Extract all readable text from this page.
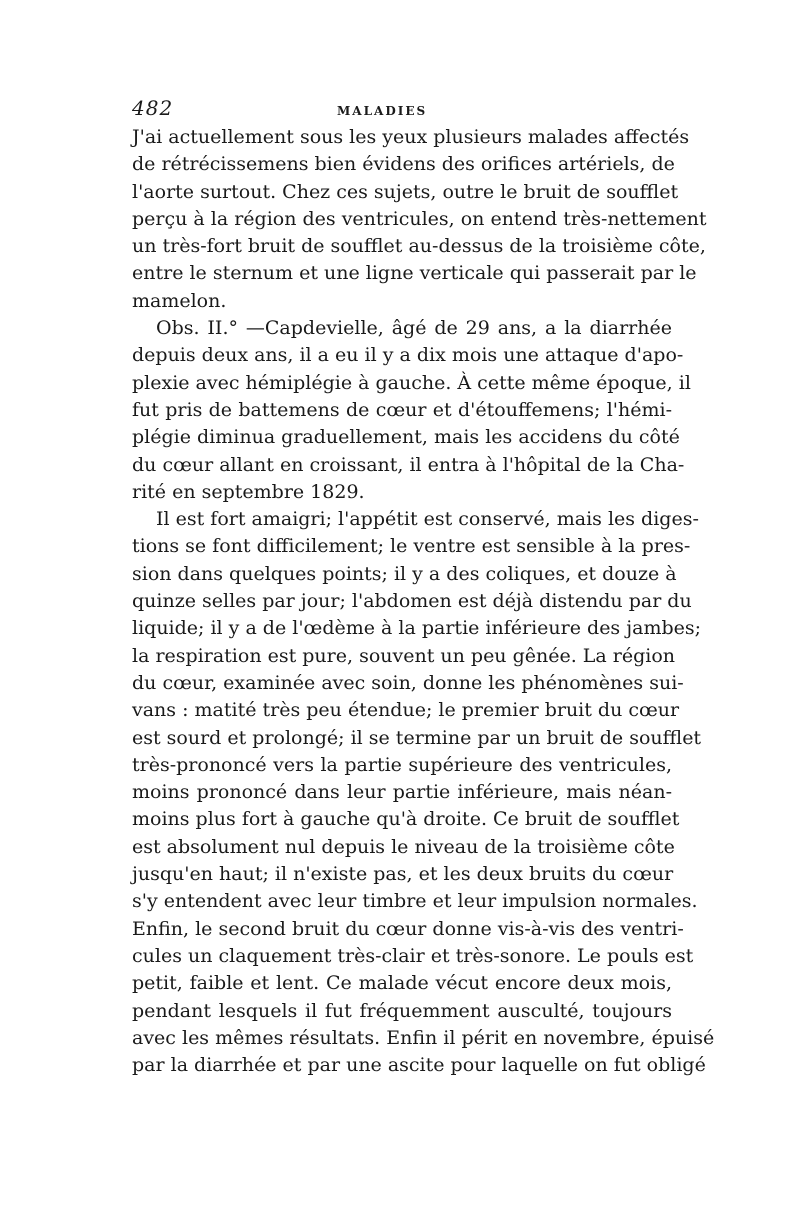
482	MALADIES
J'ai actuellement sous les yeux plusieurs malades affectés
de rétrécissemens bien évidens des orifices artériels, de
l'aorte surtout. Chez ces sujets, outre le bruit de soufflet
perçu à la région des ventricules, on entend très-nettement
un très-fort bruit de soufflet au-dessus de la troisième côte,
entre le sternum et une ligne verticale qui passerait par le
mamelon.
Obs. II.° —Capdevielle, âgé de 29 ans, a la diarrhée
depuis deux ans, il a eu il y a dix mois une attaque d'apo-
plexie avec hémiplégie à gauche. À cette même époque, il
fut pris de battemens de cœur et d'étouffemens; l'hémi-
plégie diminua graduellement, mais les accidens du côté
du cœur allant en croissant, il entra à l'hôpital de la Cha-
rité en septembre 1829.
Il est fort amaigri; l'appétit est conservé, mais les diges-
tions se font difficilement; le ventre est sensible à la pres-
sion dans quelques points; il y a des coliques, et douze à
quinze selles par jour; l'abdomen est déjà distendu par du
liquide; il y a de l'œdème à la partie inférieure des jambes;
la respiration est pure, souvent un peu gênée. La région
du cœur, examinée avec soin, donne les phénomènes sui-
vans : matité très peu étendue; le premier bruit du cœur
est sourd et prolongé; il se termine par un bruit de soufflet
très-prononcé vers la partie supérieure des ventricules,
moins prononcé dans leur partie inférieure, mais néan-
moins plus fort à gauche qu'à droite. Ce bruit de soufflet
est absolument nul depuis le niveau de la troisième côte
jusqu'en haut; il n'existe pas, et les deux bruits du cœur
s'y entendent avec leur timbre et leur impulsion normales.
Enfin, le second bruit du cœur donne vis-à-vis des ventri-
cules un claquement très-clair et très-sonore. Le pouls est
petit, faible et lent. Ce malade vécut encore deux mois,
pendant lesquels il fut fréquemment ausculté, toujours
avec les mêmes résultats. Enfin il périt en novembre, épuisé
par la diarrhée et par une ascite pour laquelle on fut obligé
